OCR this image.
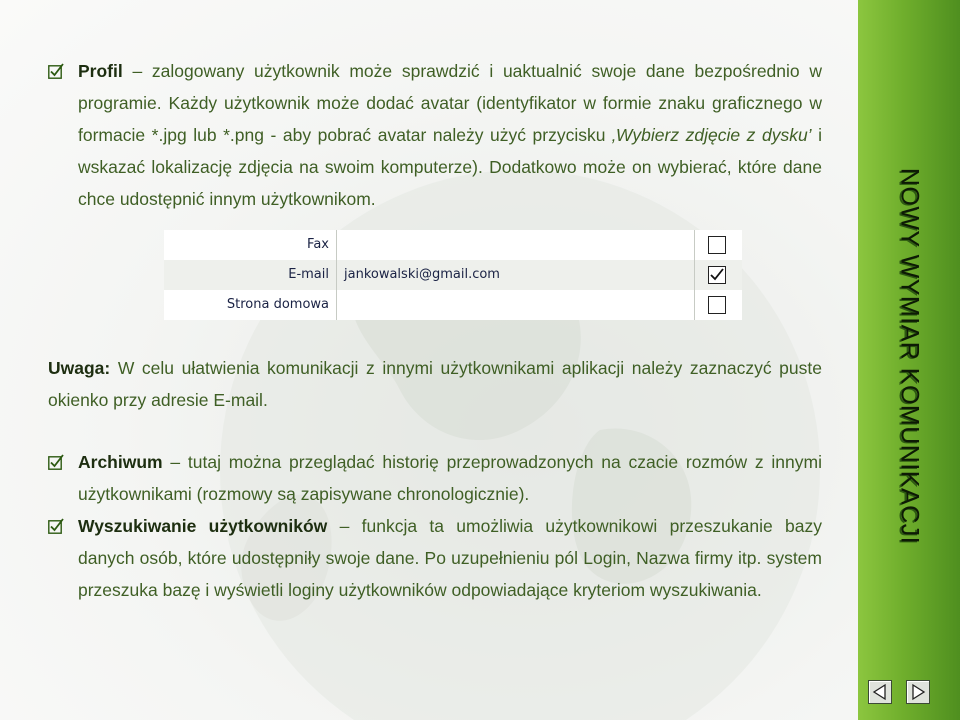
NOWY WYMIAR KOMUNIKACJI

Profil – zalogowany użytkownik może sprawdzić i uaktualnić swoje dane bezpośrednio w programie. Każdy użytkownik może dodać avatar (identyfikator w formie znaku graficznego w formacie *.jpg lub *.png - aby pobrać avatar należy użyć przycisku ‚Wybierz zdjęcie z dysku’ i wskazać lokalizację zdjęcia na swoim komputerze). Dodatkowo może on wybierać, które dane chce udostępnić innym użytkownikom.

Fax
E-mail jankowalski@gmail.com
Strona domowa

Uwaga: W celu ułatwienia komunikacji z innymi użytkownikami aplikacji należy zaznaczyć puste okienko przy adresie E-mail.

Archiwum – tutaj można przeglądać historię przeprowadzonych na czacie rozmów z innymi użytkownikami (rozmowy są zapisywane chronologicznie).

Wyszukiwanie użytkowników – funkcja ta umożliwia użytkownikowi przeszukanie bazy danych osób, które udostępniły swoje dane. Po uzupełnieniu pól Login, Nazwa firmy itp. system przeszuka bazę i wyświetli loginy użytkowników odpowiadające kryteriom wyszukiwania.
